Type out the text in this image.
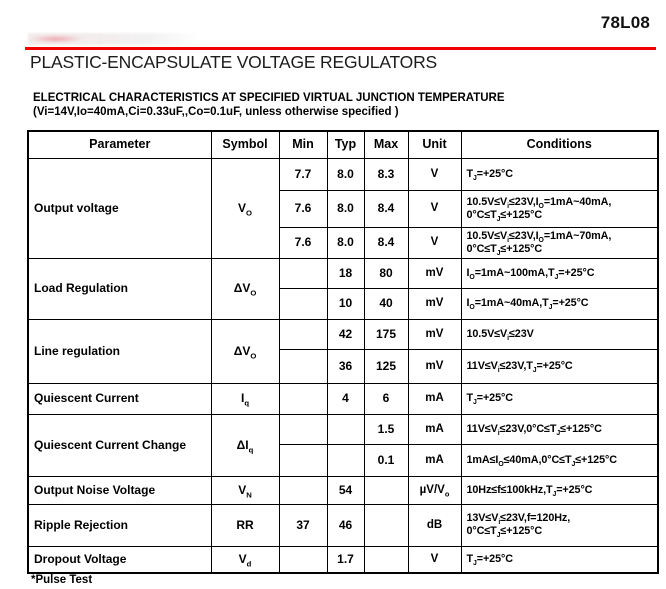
78L08
PLASTIC-ENCAPSULATE VOLTAGE REGULATORS
ELECTRICAL CHARACTERISTICS AT SPECIFIED VIRTUAL JUNCTION TEMPERATURE
(Vi=14V,Io=40mA,Ci=0.33uF,,Co=0.1uF, unless otherwise specified )
Parameter	Symbol	Min	Typ	Max	Unit	Conditions
Output voltage	$V_O$	7.7	8.0	8.3	V	$T_J=+25^\circ C$
		7.6	8.0	8.4	V	$10.5V\le V_i\le 23V,I_O=1mA\sim 40mA$,
$0^\circ C\le T_J\le+125^\circ C$
		7.6	8.0	8.4	V	$10.5V\le V_i\le 23V,I_O=1mA\sim 70mA$,
$0^\circ C\le T_J\le+125^\circ C$
Load Regulation	$\Delta V_O$		18	80	mV	$I_O=1mA\sim 100mA,T_J=+25^\circ C$
			10	40	mV	$I_O=1mA\sim 40mA,T_J=+25^\circ C$
Line regulation	$\Delta V_O$		42	175	mV	$10.5V\le V_i\le 23V$
			36	125	mV	$11V\le V_i\le 23V,T_J=+25^\circ C$
Quiescent Current	$I_q$		4	6	mA	$T_J=+25^\circ C$
Quiescent Current Change	$\Delta I_q$			1.5	mA	$11V\le V_i\le 23V,0^\circ C\le T_J\le+125^\circ C$
				0.1	mA	$1mA\le I_O\le 40mA,0^\circ C\le T_J\le+125^\circ C$
Output Noise Voltage	$V_N$		54		$\mu V/V_o$	$10Hz\le f\le 100kHz,T_J=+25^\circ C$
Ripple Rejection	RR	37	46		dB	$13V\le V_i\le 23V,f=120Hz$,
$0^\circ C\le T_J\le+125^\circ C$
Dropout Voltage	$V_d$		1.7		V	$T_J=+25^\circ C$
*Pulse Test
